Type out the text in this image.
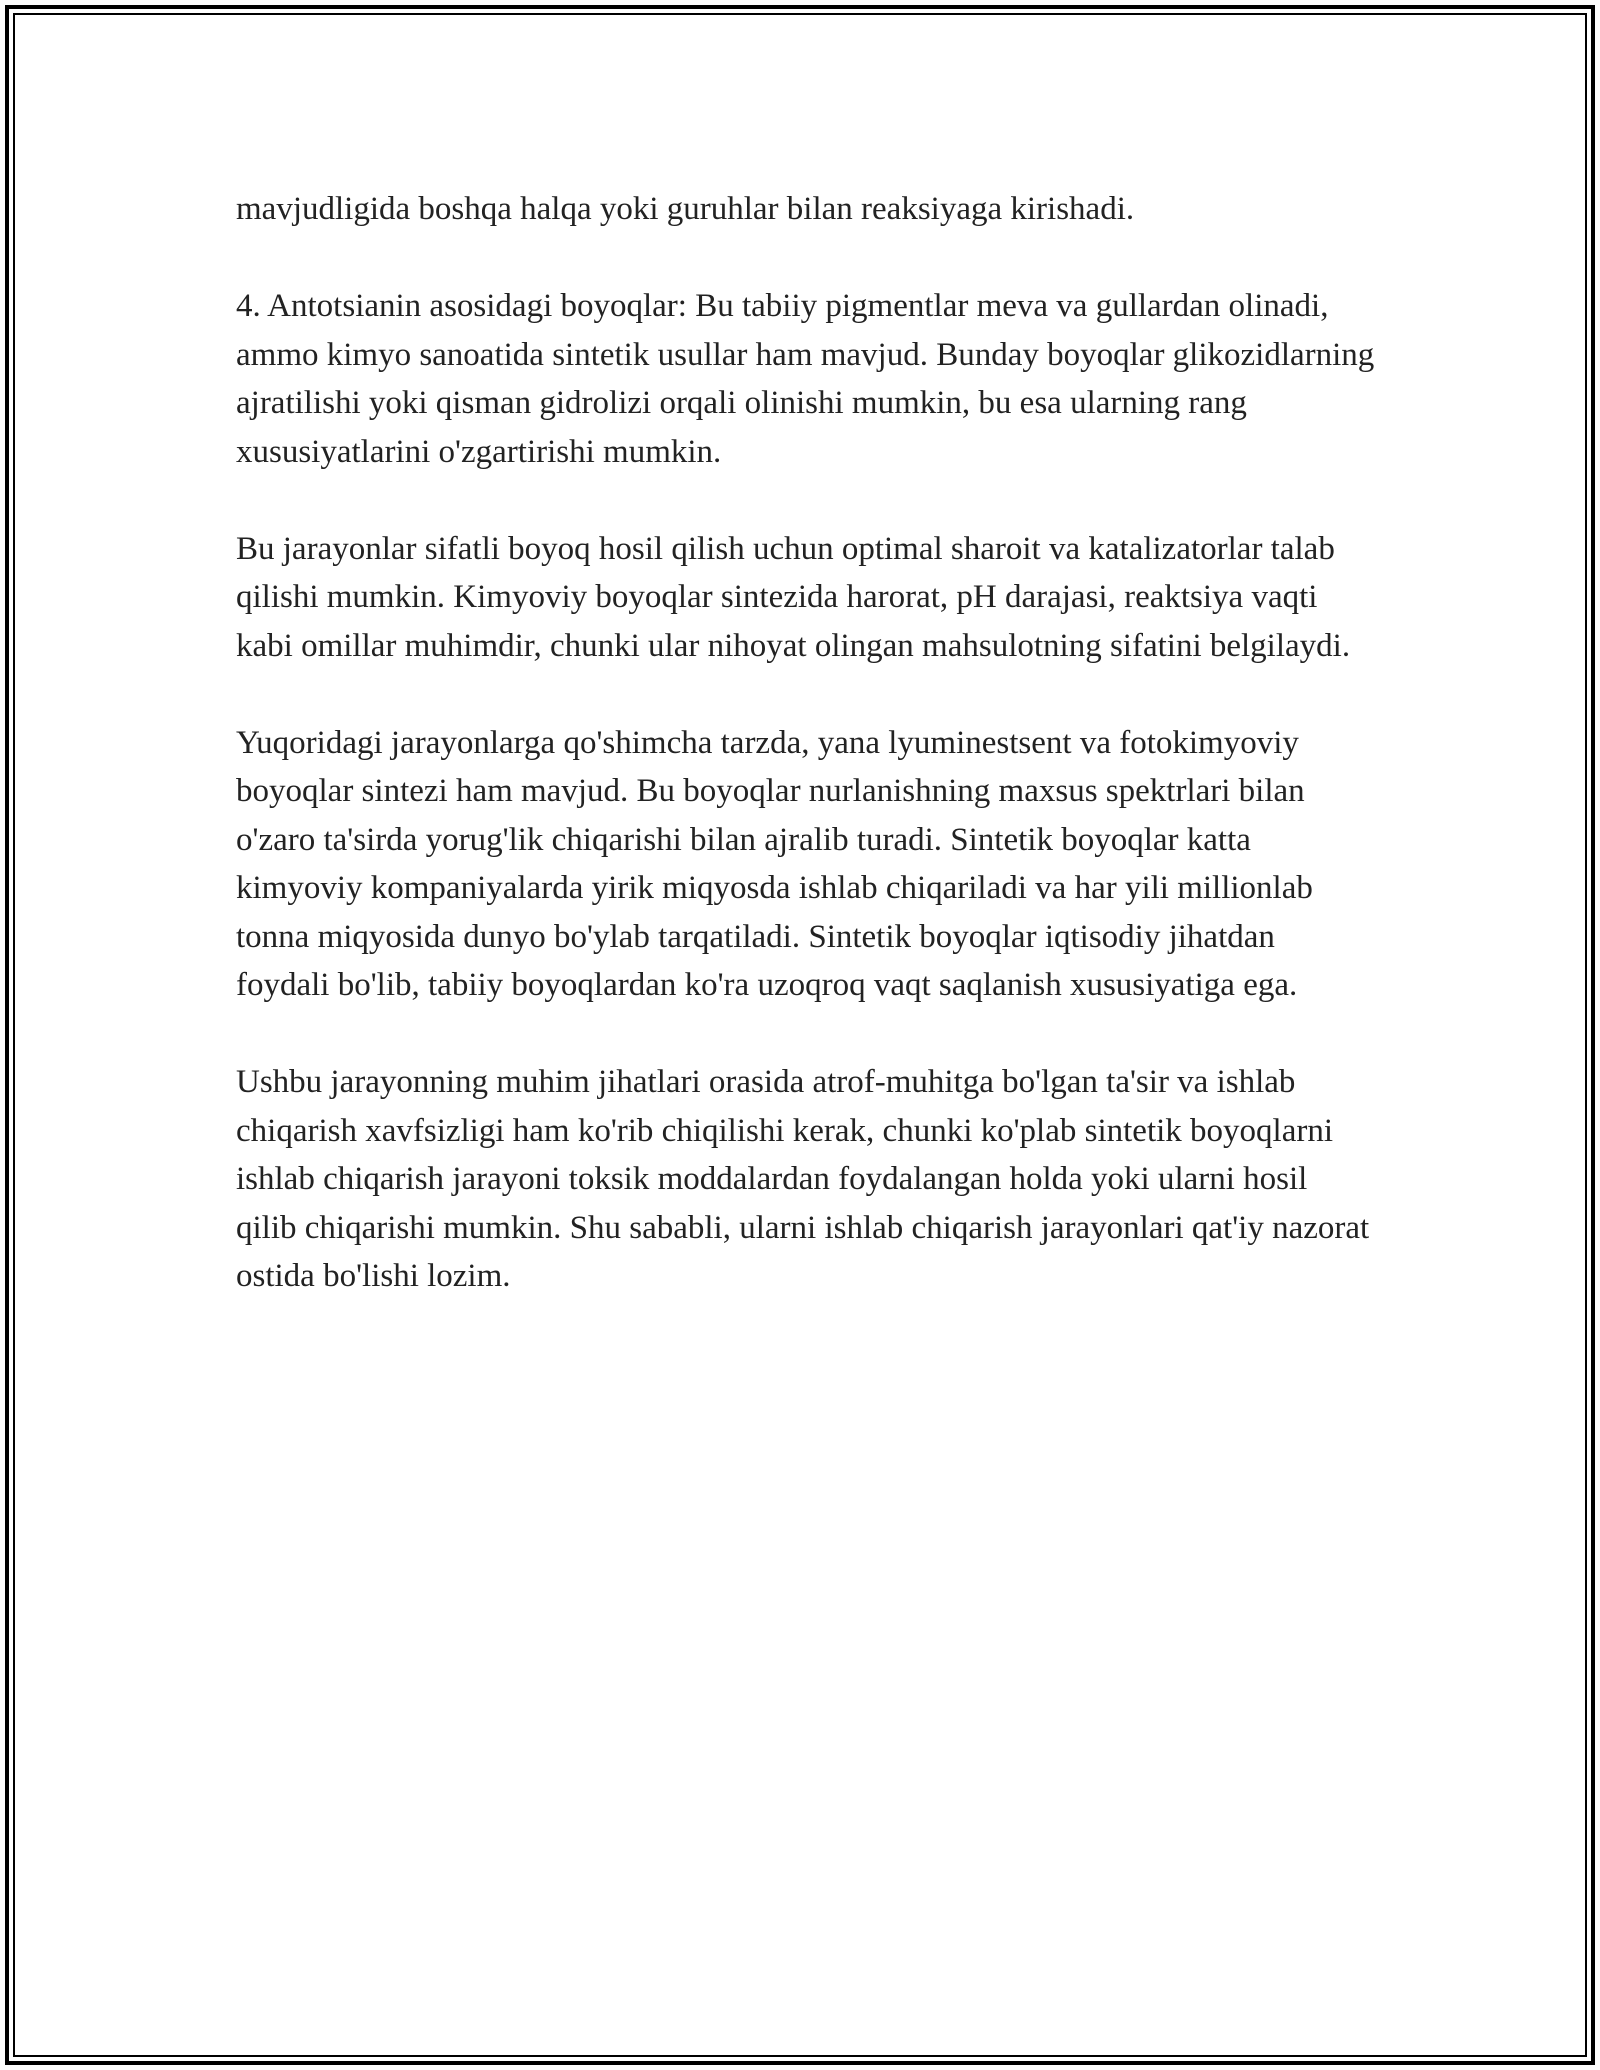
mavjudligida boshqa halqa yoki guruhlar bilan reaksiyaga kirishadi.

4. Antotsianin asosidagi boyoqlar: Bu tabiiy pigmentlar meva va gullardan olinadi, ammo kimyo sanoatida sintetik usullar ham mavjud. Bunday boyoqlar glikozidlarning ajratilishi yoki qisman gidrolizi orqali olinishi mumkin, bu esa ularning rang xususiyatlarini o'zgartirishi mumkin.

Bu jarayonlar sifatli boyoq hosil qilish uchun optimal sharoit va katalizatorlar talab qilishi mumkin. Kimyoviy boyoqlar sintezida harorat, pH darajasi, reaktsiya vaqti kabi omillar muhimdir, chunki ular nihoyat olingan mahsulotning sifatini belgilaydi.

Yuqoridagi jarayonlarga qo'shimcha tarzda, yana lyuminestsent va fotokimyoviy boyoqlar sintezi ham mavjud. Bu boyoqlar nurlanishning maxsus spektrlari bilan o'zaro ta'sirda yorug'lik chiqarishi bilan ajralib turadi. Sintetik boyoqlar katta kimyoviy kompaniyalarda yirik miqyosda ishlab chiqariladi va har yili millionlab tonna miqyosida dunyo bo'ylab tarqatiladi. Sintetik boyoqlar iqtisodiy jihatdan foydali bo'lib, tabiiy boyoqlardan ko'ra uzoqroq vaqt saqlanish xususiyatiga ega.

Ushbu jarayonning muhim jihatlari orasida atrof-muhitga bo'lgan ta'sir va ishlab chiqarish xavfsizligi ham ko'rib chiqilishi kerak, chunki ko'plab sintetik boyoqlarni ishlab chiqarish jarayoni toksik moddalardan foydalangan holda yoki ularni hosil qilib chiqarishi mumkin. Shu sababli, ularni ishlab chiqarish jarayonlari qat'iy nazorat ostida bo'lishi lozim.
